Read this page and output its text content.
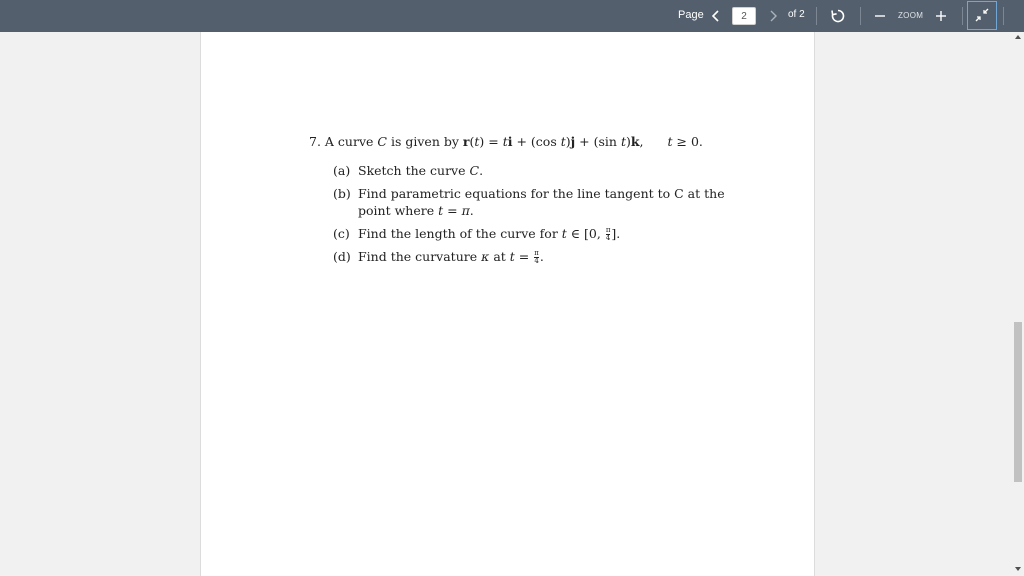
Page
2	of 2	ZOOM
7. A curve C is given by r(t) = ti + (cos t)j + (sin t)k, t ≥ 0.
(a) Sketch the curve C.
(b) Find parametric equations for the line tangent to C at the
point where t = π.
(c) Find the length of the curve for t ∈ [0, $\frac{\pi}{4}$ ].
(d) Find the curvature κ at $t = \frac{\pi}{4}$ .
